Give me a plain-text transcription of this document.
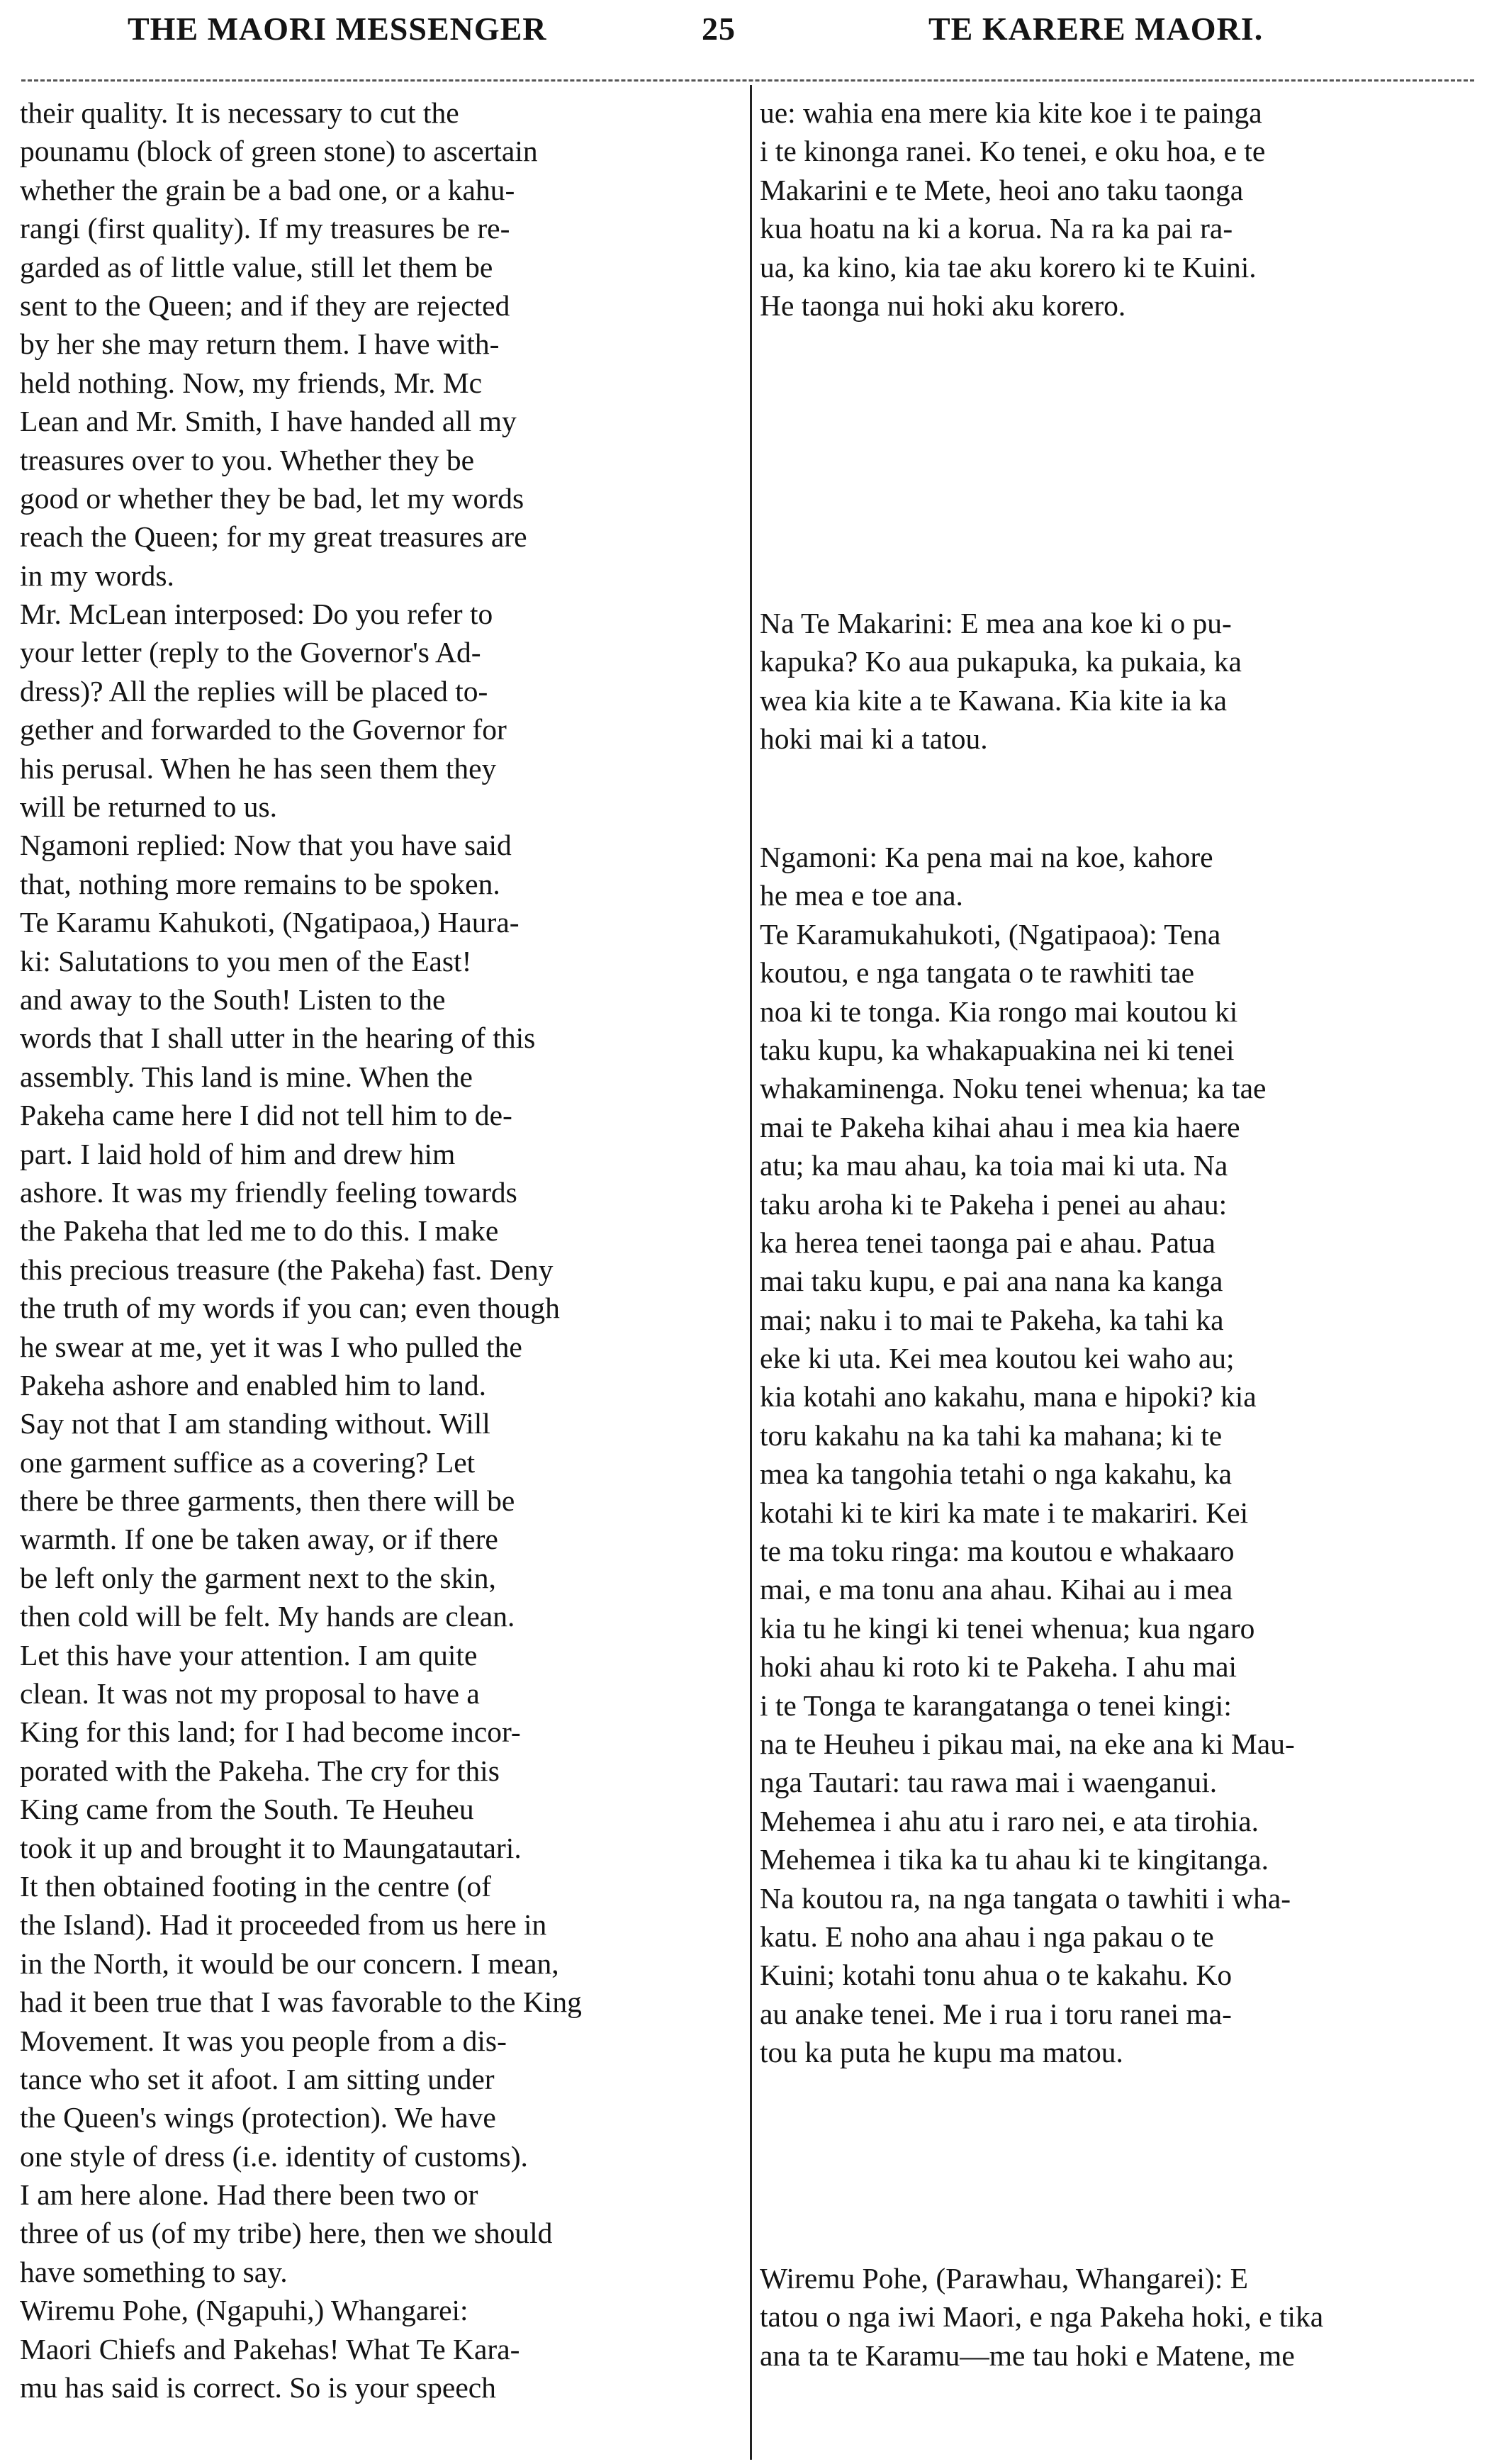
THE MAORI MESSENGER	25	TE KARERE MAORI.
their quality. It is necessary to cut the
pounamu (block of green stone) to ascertain
whether the grain be a bad one, or a kahu-
rangi (first quality). If my treasures be re-
garded as of little value, still let them be
sent to the Queen; and if they are rejected
by her she may return them. I have with-
held nothing. Now, my friends, Mr. Mc
Lean and Mr. Smith, I have handed all my
treasures over to you. Whether they be
good or whether they be bad, let my words
reach the Queen; for my great treasures are
in my words.
Mr. McLean interposed: Do you refer to
your letter (reply to the Governor's Ad-
dress)? All the replies will be placed to-
gether and forwarded to the Governor for
his perusal. When he has seen them they
will be returned to us.
Ngamoni replied: Now that you have said
that, nothing more remains to be spoken.
Te Karamu Kahukoti, (Ngatipaoa,) Haura-
ki: Salutations to you men of the East!
and away to the South! Listen to the
words that I shall utter in the hearing of this
assembly. This land is mine. When the
Pakeha came here I did not tell him to de-
part. I laid hold of him and drew him
ashore. It was my friendly feeling towards
the Pakeha that led me to do this. I make
this precious treasure (the Pakeha) fast. Deny
the truth of my words if you can; even though
he swear at me, yet it was I who pulled the
Pakeha ashore and enabled him to land.
Say not that I am standing without. Will
one garment suffice as a covering? Let
there be three garments, then there will be
warmth. If one be taken away, or if there
be left only the garment next to the skin,
then cold will be felt. My hands are clean.
Let this have your attention. I am quite
clean. It was not my proposal to have a
King for this land; for I had become incor-
porated with the Pakeha. The cry for this
King came from the South. Te Heuheu
took it up and brought it to Maungatautari.
It then obtained footing in the centre (of
the Island). Had it proceeded from us here in
in the North, it would be our concern. I mean,
had it been true that I was favorable to the King
Movement. It was you people from a dis-
tance who set it afoot. I am sitting under
the Queen's wings (protection). We have
one style of dress (i.e. identity of customs).
I am here alone. Had there been two or
three of us (of my tribe) here, then we should
have something to say.
Wiremu Pohe, (Ngapuhi,) Whangarei:
Maori Chiefs and Pakehas! What Te Kara-
mu has said is correct. So is your speech

ue: wahia ena mere kia kite koe i te painga
i te kinonga ranei. Ko tenei, e oku hoa, e te
Makarini e te Mete, heoi ano taku taonga
kua hoatu na ki a korua. Na ra ka pai ra-
ua, ka kino, kia tae aku korero ki te Kuini.
He taonga nui hoki aku korero.

Na Te Makarini: E mea ana koe ki o pu-
kapuka? Ko aua pukapuka, ka pukaia, ka
wea kia kite a te Kawana. Kia kite ia ka
hoki mai ki a tatou.

Ngamoni: Ka pena mai na koe, kahore
he mea e toe ana.
Te Karamukahukoti, (Ngatipaoa): Tena
koutou, e nga tangata o te rawhiti tae
noa ki te tonga. Kia rongo mai koutou ki
taku kupu, ka whakapuakina nei ki tenei
whakaminenga. Noku tenei whenua; ka tae
mai te Pakeha kihai ahau i mea kia haere
atu; ka mau ahau, ka toia mai ki uta. Na
taku aroha ki te Pakeha i penei au ahau:
ka herea tenei taonga pai e ahau. Patua
mai taku kupu, e pai ana nana ka kanga
mai; naku i to mai te Pakeha, ka tahi ka
eke ki uta. Kei mea koutou kei waho au;
kia kotahi ano kakahu, mana e hipoki? kia
toru kakahu na ka tahi ka mahana; ki te
mea ka tangohia tetahi o nga kakahu, ka
kotahi ki te kiri ka mate i te makariri. Kei
te ma toku ringa: ma koutou e whakaaro
mai, e ma tonu ana ahau. Kihai au i mea
kia tu he kingi ki tenei whenua; kua ngaro
hoki ahau ki roto ki te Pakeha. I ahu mai
i te Tonga te karangatanga o tenei kingi:
na te Heuheu i pikau mai, na eke ana ki Mau-
nga Tautari: tau rawa mai i waenganui.
Mehemea i ahu atu i raro nei, e ata tirohia.
Mehemea i tika ka tu ahau ki te kingitanga.
Na koutou ra, na nga tangata o tawhiti i wha-
katu. E noho ana ahau i nga pakau o te
Kuini; kotahi tonu ahua o te kakahu. Ko
au anake tenei. Me i rua i toru ranei ma-
tou ka puta he kupu ma matou.

Wiremu Pohe, (Parawhau, Whangarei): E
tatou o nga iwi Maori, e nga Pakeha hoki, e tika
ana ta te Karamu—me tau hoki e Matene, me
